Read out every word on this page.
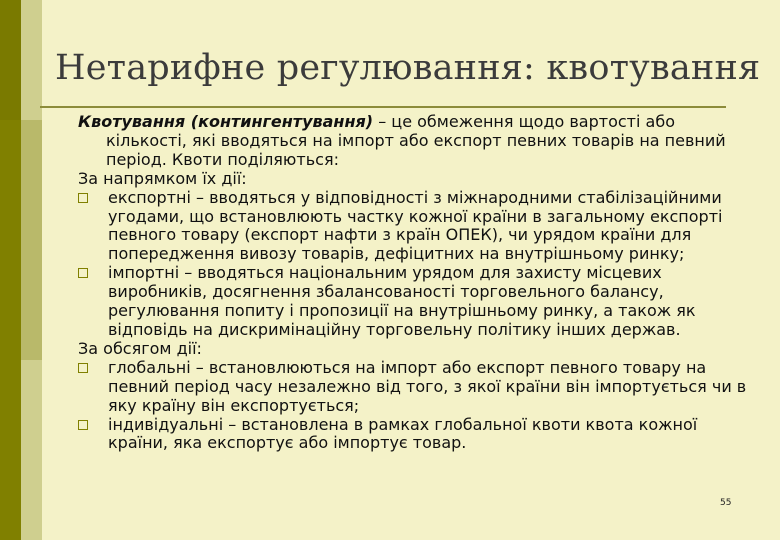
Нетарифне регулювання: квотування

Квотування (контингентування) – це обмеження щодо вартості або кількості, які вводяться на імпорт або експорт певних товарів на певний період. Квоти поділяються:

За напрямком їх дії:

експортні – вводяться у відповідності з міжнародними стабілізаційними угодами, що встановлюють частку кожної країни в загальному експорті певного товару (експорт нафти з країн ОПЕК), чи урядом країни для попередження вивозу товарів, дефіцитних на внутрішньому ринку;

імпортні – вводяться національним урядом для захисту місцевих виробників, досягнення збалансованості торговельного балансу, регулювання попиту і пропозиції на внутрішньому ринку, а також як відповідь на дискримінаційну торговельну політику інших держав.

За обсягом дії:

глобальні – встановлюються на імпорт або експорт певного товару на певний період часу незалежно від того, з якої країни він імпортується чи в яку країну він експортується;

індивідуальні – встановлена в рамках глобальної квоти квота кожної країни, яка експортує або імпортує товар.

55
